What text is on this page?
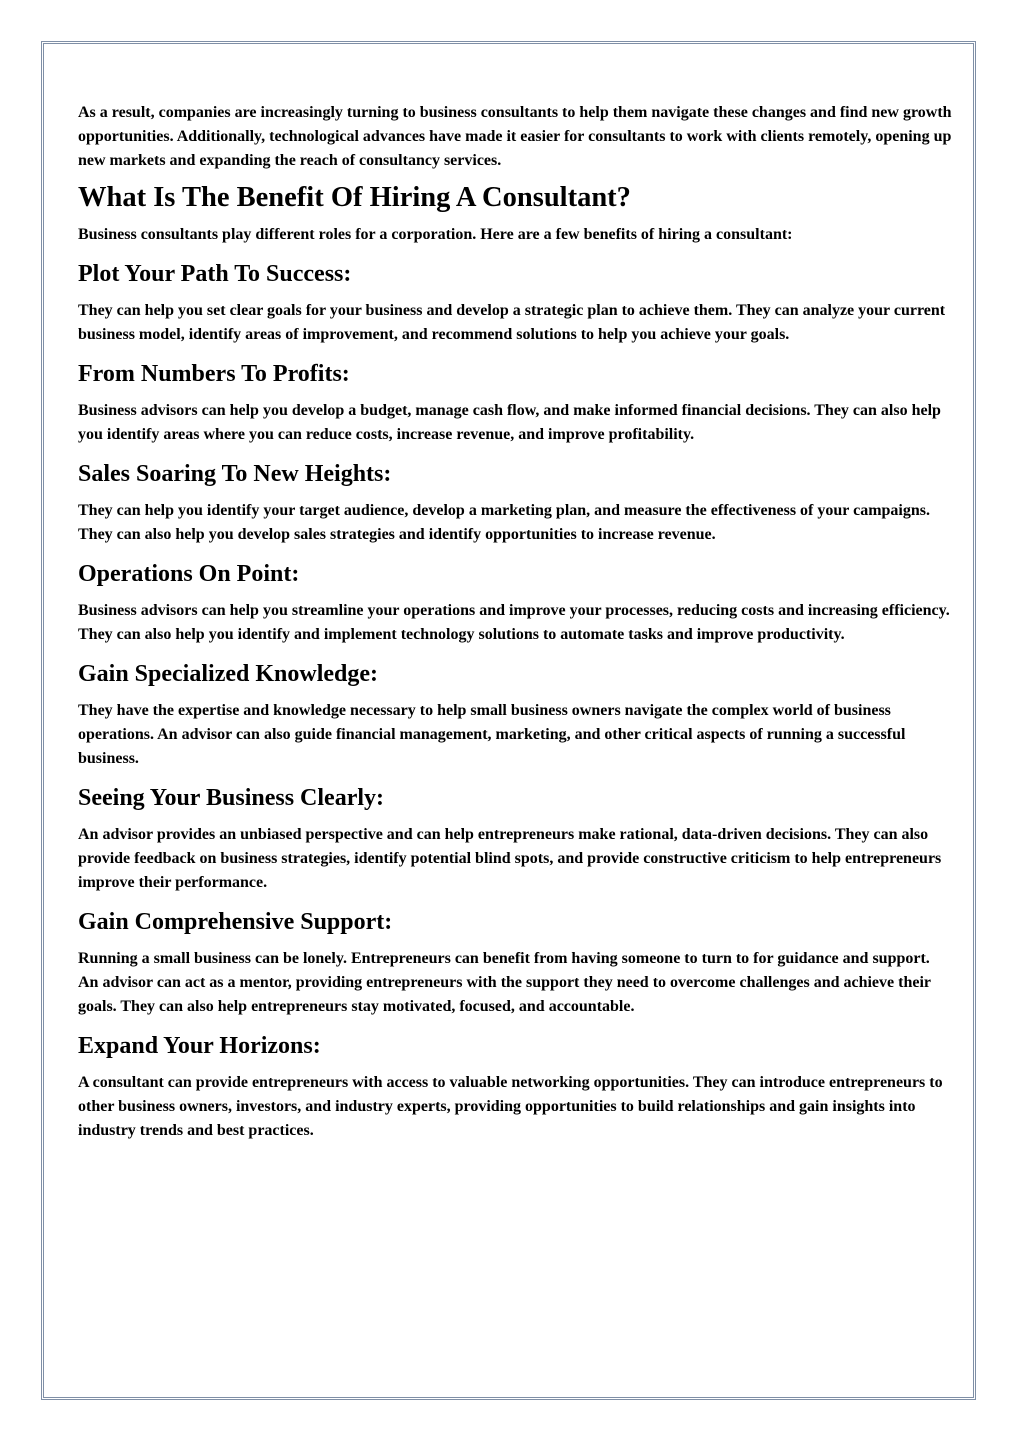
As a result, companies are increasingly turning to business consultants to help them navigate these changes and find new growth opportunities. Additionally, technological advances have made it easier for consultants to work with clients remotely, opening up new markets and expanding the reach of consultancy services.

What Is The Benefit Of Hiring A Consultant?

Business consultants play different roles for a corporation. Here are a few benefits of hiring a consultant:

Plot Your Path To Success:

They can help you set clear goals for your business and develop a strategic plan to achieve them. They can analyze your current business model, identify areas of improvement, and recommend solutions to help you achieve your goals.

From Numbers To Profits:

Business advisors can help you develop a budget, manage cash flow, and make informed financial decisions. They can also help you identify areas where you can reduce costs, increase revenue, and improve profitability.

Sales Soaring To New Heights:

They can help you identify your target audience, develop a marketing plan, and measure the effectiveness of your campaigns. They can also help you develop sales strategies and identify opportunities to increase revenue.

Operations On Point:

Business advisors can help you streamline your operations and improve your processes, reducing costs and increasing efficiency. They can also help you identify and implement technology solutions to automate tasks and improve productivity.

Gain Specialized Knowledge:

They have the expertise and knowledge necessary to help small business owners navigate the complex world of business operations. An advisor can also guide financial management, marketing, and other critical aspects of running a successful business.

Seeing Your Business Clearly:

An advisor provides an unbiased perspective and can help entrepreneurs make rational, data-driven decisions. They can also provide feedback on business strategies, identify potential blind spots, and provide constructive criticism to help entrepreneurs improve their performance.

Gain Comprehensive Support:

Running a small business can be lonely. Entrepreneurs can benefit from having someone to turn to for guidance and support. An advisor can act as a mentor, providing entrepreneurs with the support they need to overcome challenges and achieve their goals. They can also help entrepreneurs stay motivated, focused, and accountable.

Expand Your Horizons:

A consultant can provide entrepreneurs with access to valuable networking opportunities. They can introduce entrepreneurs to other business owners, investors, and industry experts, providing opportunities to build relationships and gain insights into industry trends and best practices.
